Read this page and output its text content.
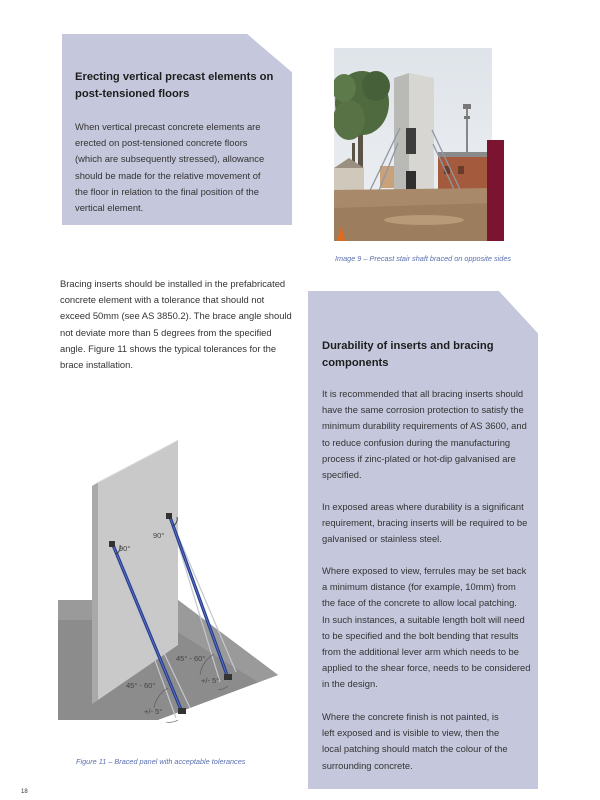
Erecting vertical precast elements on
post-tensioned floors
When vertical precast concrete elements are
erected on post-tensioned concrete floors
(which are subsequently stressed), allowance
should be made for the relative movement of
the floor in relation to the final position of the
vertical element.
Image 9 – Precast stair shaft braced on opposite sides
Bracing inserts should be installed in the prefabricated
concrete element with a tolerance that should not
exceed 50mm (see AS 3850.2). The brace angle should
not deviate more than 5 degrees from the specified
angle. Figure 11 shows the typical tolerances for the
brace installation.
Durability of inserts and bracing
components
It is recommended that all bracing inserts should
have the same corrosion protection to satisfy the
minimum durability requirements of AS 3600, and
to reduce confusion during the manufacturing
process if zinc-plated or hot-dip galvanised are
specified.
In exposed areas where durability is a significant
requirement, bracing inserts will be required to be
galvanised or stainless steel.
Where exposed to view, ferrules may be set back
a minimum distance (for example, 10mm) from
the face of the concrete to allow local patching.
In such instances, a suitable length bolt will need
to be specified and the bolt bending that results
from the additional lever arm which needs to be
applied to the shear force, needs to be considered
in the design.
Where the concrete finish is not painted, is
left exposed and is visible to view, then the
local patching should match the colour of the
surrounding concrete.
90°
90°
45° - 60°
45° - 60°
+/- 5°
+/- 5°
Figure 11 – Braced panel with acceptable tolerances
18
